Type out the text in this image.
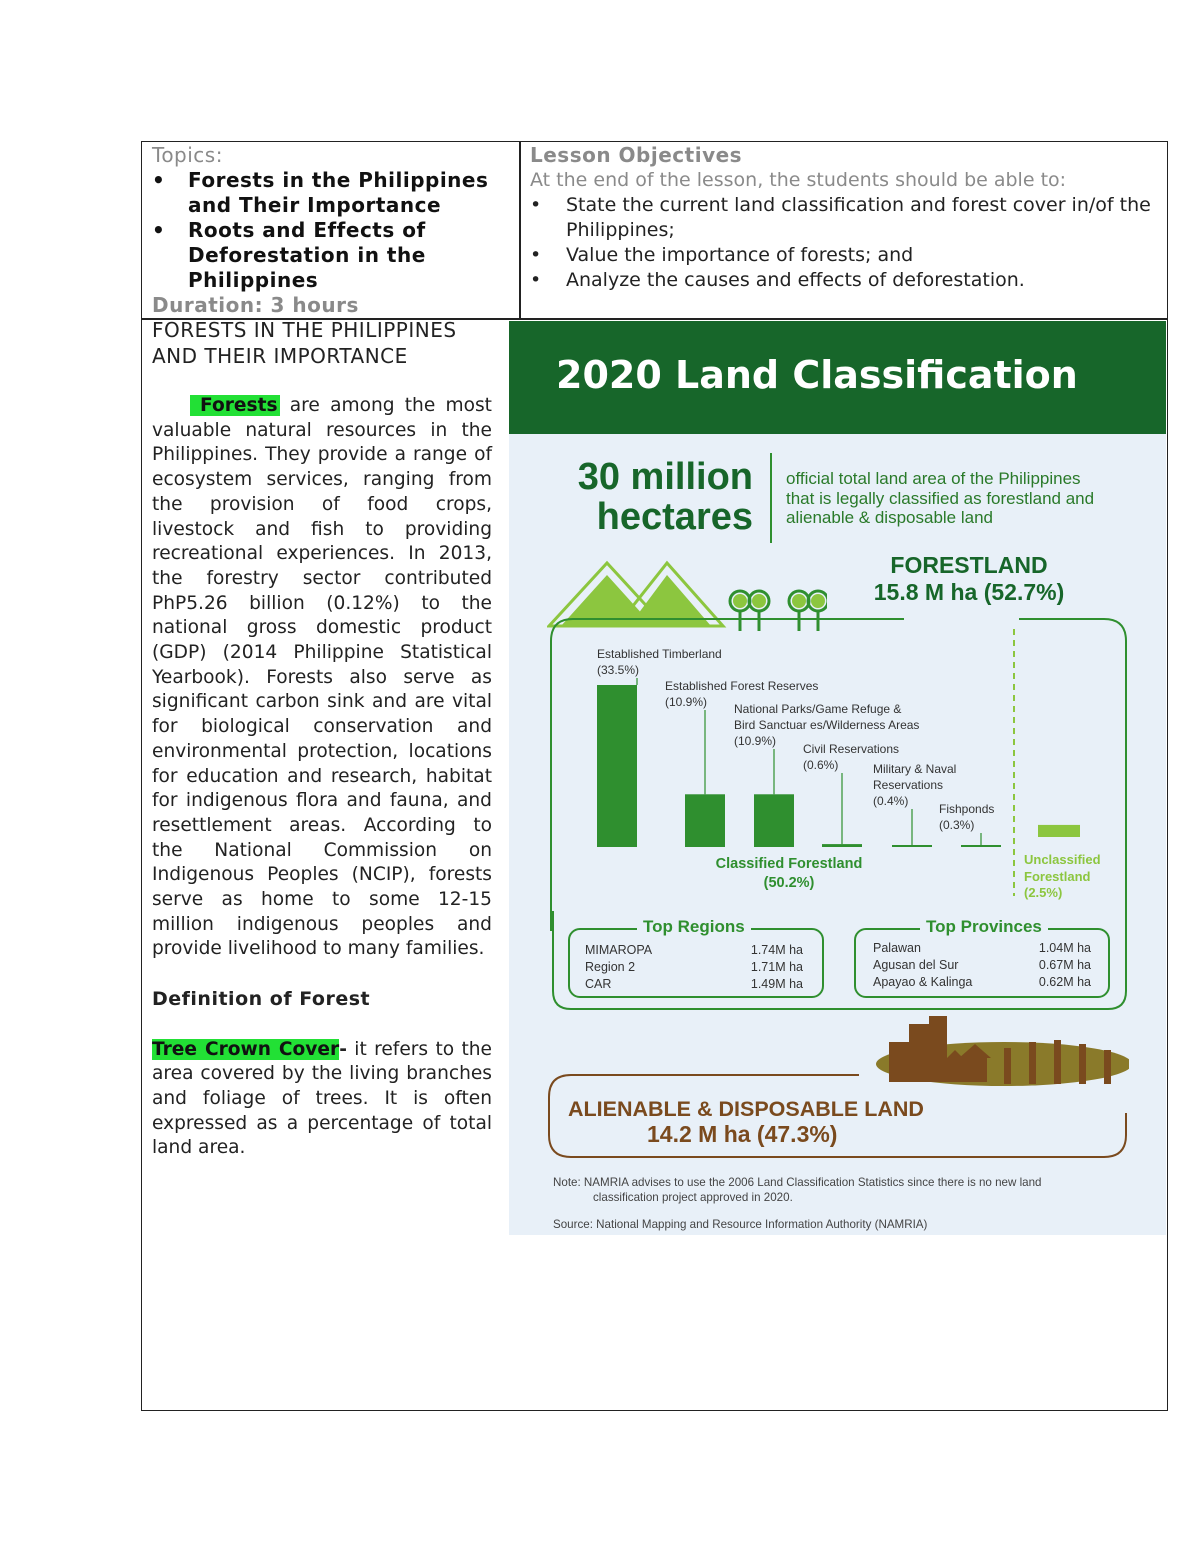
Topics:
• Forests in the Philippines and Their Importance
• Roots and Effects of Deforestation in the Philippines
Duration: 3 hours
Lesson Objectives
At the end of the lesson, the students should be able to:
• State the current land classification and forest cover in/of the Philippines;
• Value the importance of forests; and
• Analyze the causes and effects of deforestation.

FORESTS IN THE PHILIPPINES AND THEIR IMPORTANCE

Forests are among the most valuable natural resources in the Philippines. They provide a range of ecosystem services, ranging from the provision of food crops, livestock and fish to providing recreational experiences. In 2013, the forestry sector contributed PhP5.26 billion (0.12%) to the national gross domestic product (GDP) (2014 Philippine Statistical Yearbook). Forests also serve as significant carbon sink and are vital for biological conservation and environmental protection, locations for education and research, habitat for indigenous flora and fauna, and resettlement areas. According to the National Commission on Indigenous Peoples (NCIP), forests serve as home to some 12-15 million indigenous peoples and provide livelihood to many families.

Definition of Forest

Tree Crown Cover- it refers to the area covered by the living branches and foliage of trees. It is often expressed as a percentage of total land area.

2020 Land Classification
30 million
hectares
official total land area of the Philippines
that is legally classified as forestland and
alienable & disposable land
FORESTLAND
15.8 M ha (52.7%)
Established Timberland
(33.5%)
Established Forest Reserves
(10.9%) National Parks/Game Refuge &
Bird Sanctuar es/Wilderness Areas
(10.9%)
Civil Reservations
(0.6%)	Military & Naval
Reservations
(0.4%)
Fishponds
(0.3%)
Classified Forestland
(50.2%)
Unclassified
Forestland
(2.5%)
Top Regions
MIMAROPA	1.74M ha
Region 2	1.71M ha
CAR	1.49M ha
Top Provinces
Palawan	1.04M ha
Agusan del Sur	0.67M ha
Apayao & Kalinga	0.62M ha
ALIENABLE & DISPOSABLE LAND
14.2 M ha (47.3%)
Note: NAMRIA advises to use the 2006 Land Classification Statistics since there is no new land
classification project approved in 2020.
Source: National Mapping and Resource Information Authority (NAMRIA)
